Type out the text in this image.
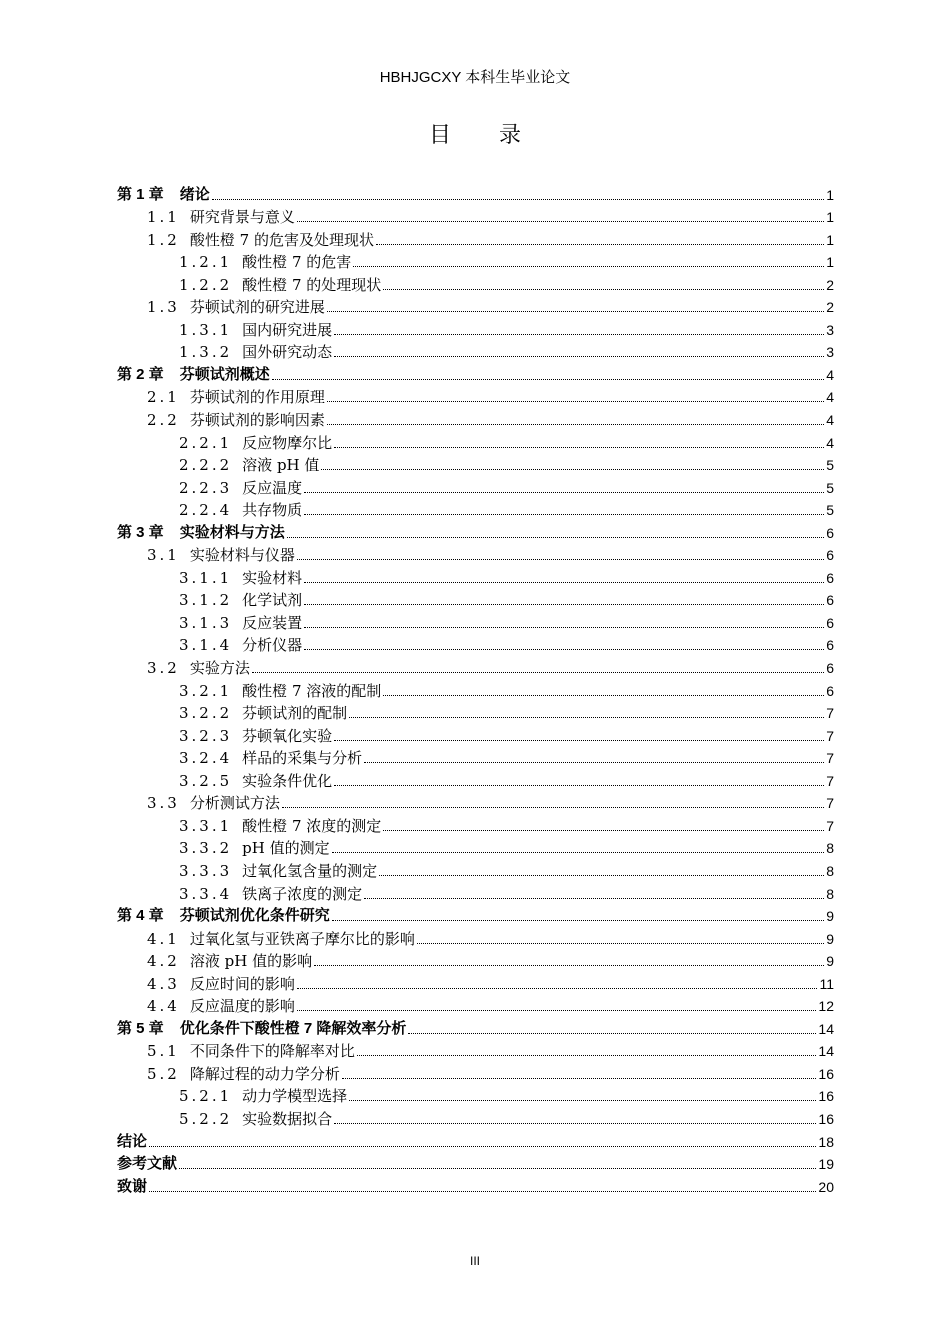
HBHJGCXY 本科生毕业论文
目 录
第 1 章 绪论	1
1.1 研究背景与意义	1
1.2 酸性橙 7 的危害及处理现状	1
1.2.1 酸性橙 7 的危害	1
1.2.2 酸性橙 7 的处理现状	2
1.3 芬顿试剂的研究进展	2
1.3.1 国内研究进展	3
1.3.2 国外研究动态	3
第 2 章 芬顿试剂概述	4
2.1 芬顿试剂的作用原理	4
2.2 芬顿试剂的影响因素	4
2.2.1 反应物摩尔比	4
2.2.2 溶液 pH 值	5
2.2.3 反应温度	5
2.2.4 共存物质	5
第 3 章 实验材料与方法	6
3.1 实验材料与仪器	6
3.1.1 实验材料	6
3.1.2 化学试剂	6
3.1.3 反应装置	6
3.1.4 分析仪器	6
3.2 实验方法	6
3.2.1 酸性橙 7 溶液的配制	6
3.2.2 芬顿试剂的配制	7
3.2.3 芬顿氧化实验	7
3.2.4 样品的采集与分析	7
3.2.5 实验条件优化	7
3.3 分析测试方法	7
3.3.1 酸性橙 7 浓度的测定	7
3.3.2 pH 值的测定	8
3.3.3 过氧化氢含量的测定	8
3.3.4 铁离子浓度的测定	8
第 4 章 芬顿试剂优化条件研究	9
4.1 过氧化氢与亚铁离子摩尔比的影响	9
4.2 溶液 pH 值的影响	9
4.3 反应时间的影响	11
4.4 反应温度的影响	12
第 5 章 优化条件下酸性橙 7 降解效率分析	14
5.1 不同条件下的降解率对比	14
5.2 降解过程的动力学分析	16
5.2.1 动力学模型选择	16
5.2.2 实验数据拟合	16
结论	18
参考文献	19
致谢	20
III
